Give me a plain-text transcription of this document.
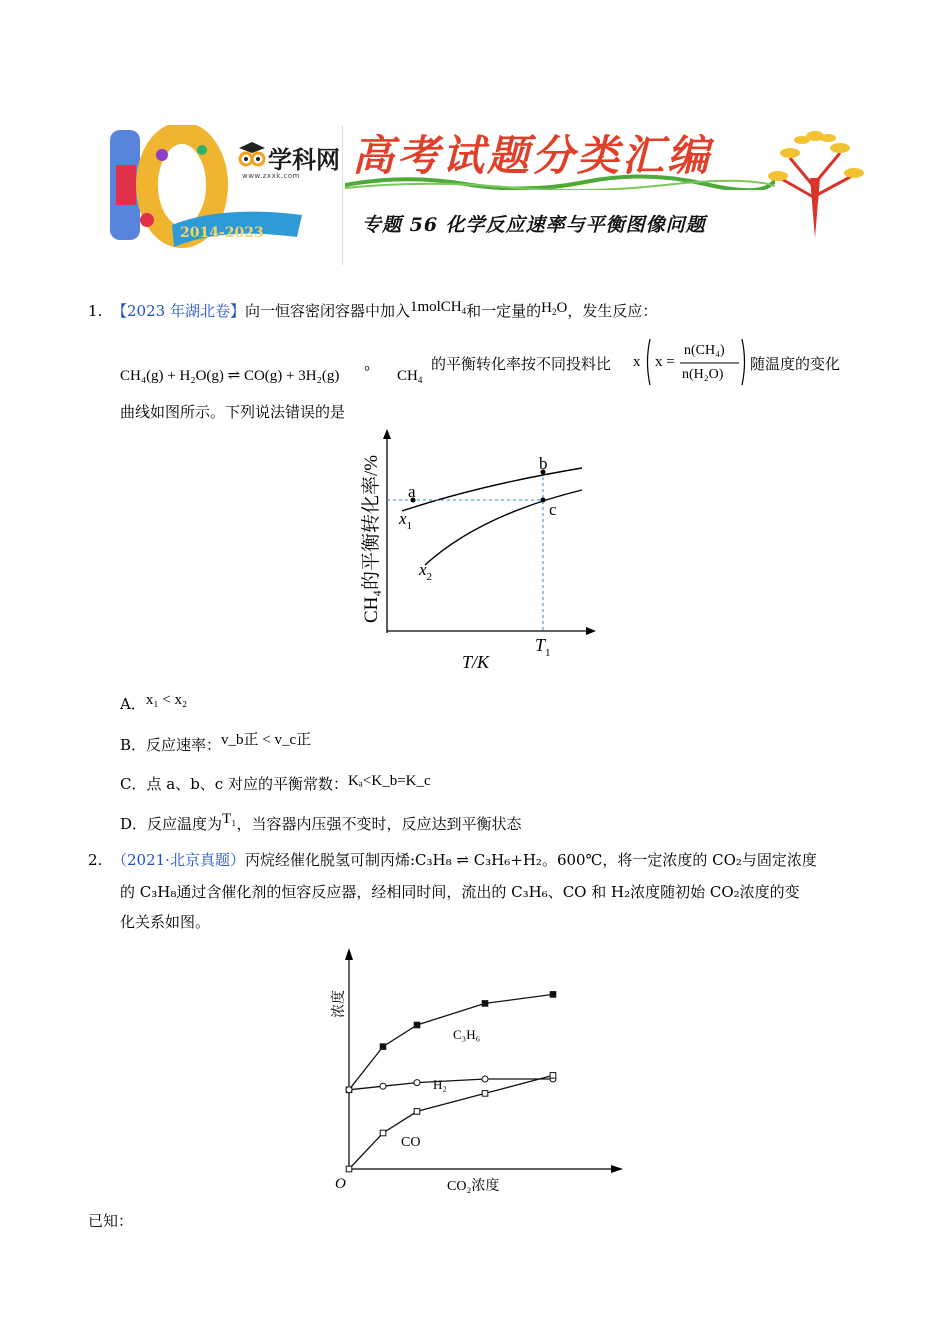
years
2014-2023
学科网
www.zxxk.com 高考试题分类汇编
专题 56 化学反应速率与平衡图像问题
1. 【2023 年湖北卷】向一恒容密闭容器中加入1molCH$_4$和一定量的$H_2O$，发生反应：
CH₄(g) + H₂O(g) ⇌ CO(g) + 3H₂(g) ° $CH_4$
的平衡转化率按不同投料比 x x =
n(CH₄)
n(H₂O)
随温度的变化
曲线如图所示。下列说法错误的是
a
b
c
$x_1$
$x_2$
$T_1$
T/K
CH₄的平衡转化率/%
A．x₁ < x₂
B．反应速率：v_b正 < v_c正
C．点 a、b、c 对应的平衡常数：Kₐ<K_b=K_c
D．反应温度为T₁，当容器内压强不变时，反应达到平衡状态
2. （2021·北京真题）丙烷经催化脱氢可制丙烯:C₃H₈ ⇌ C₃H₆+H₂。600℃，将一定浓度的 CO₂与固定浓度
的 C₃H₈通过含催化剂的恒容反应器，经相同时间，流出的 C₃H₆、CO 和 H₂浓度随初始 CO₂浓度的变
化关系如图。
O	CO₂浓度
浓度
C₃H₆
H₂
CO
已知：
